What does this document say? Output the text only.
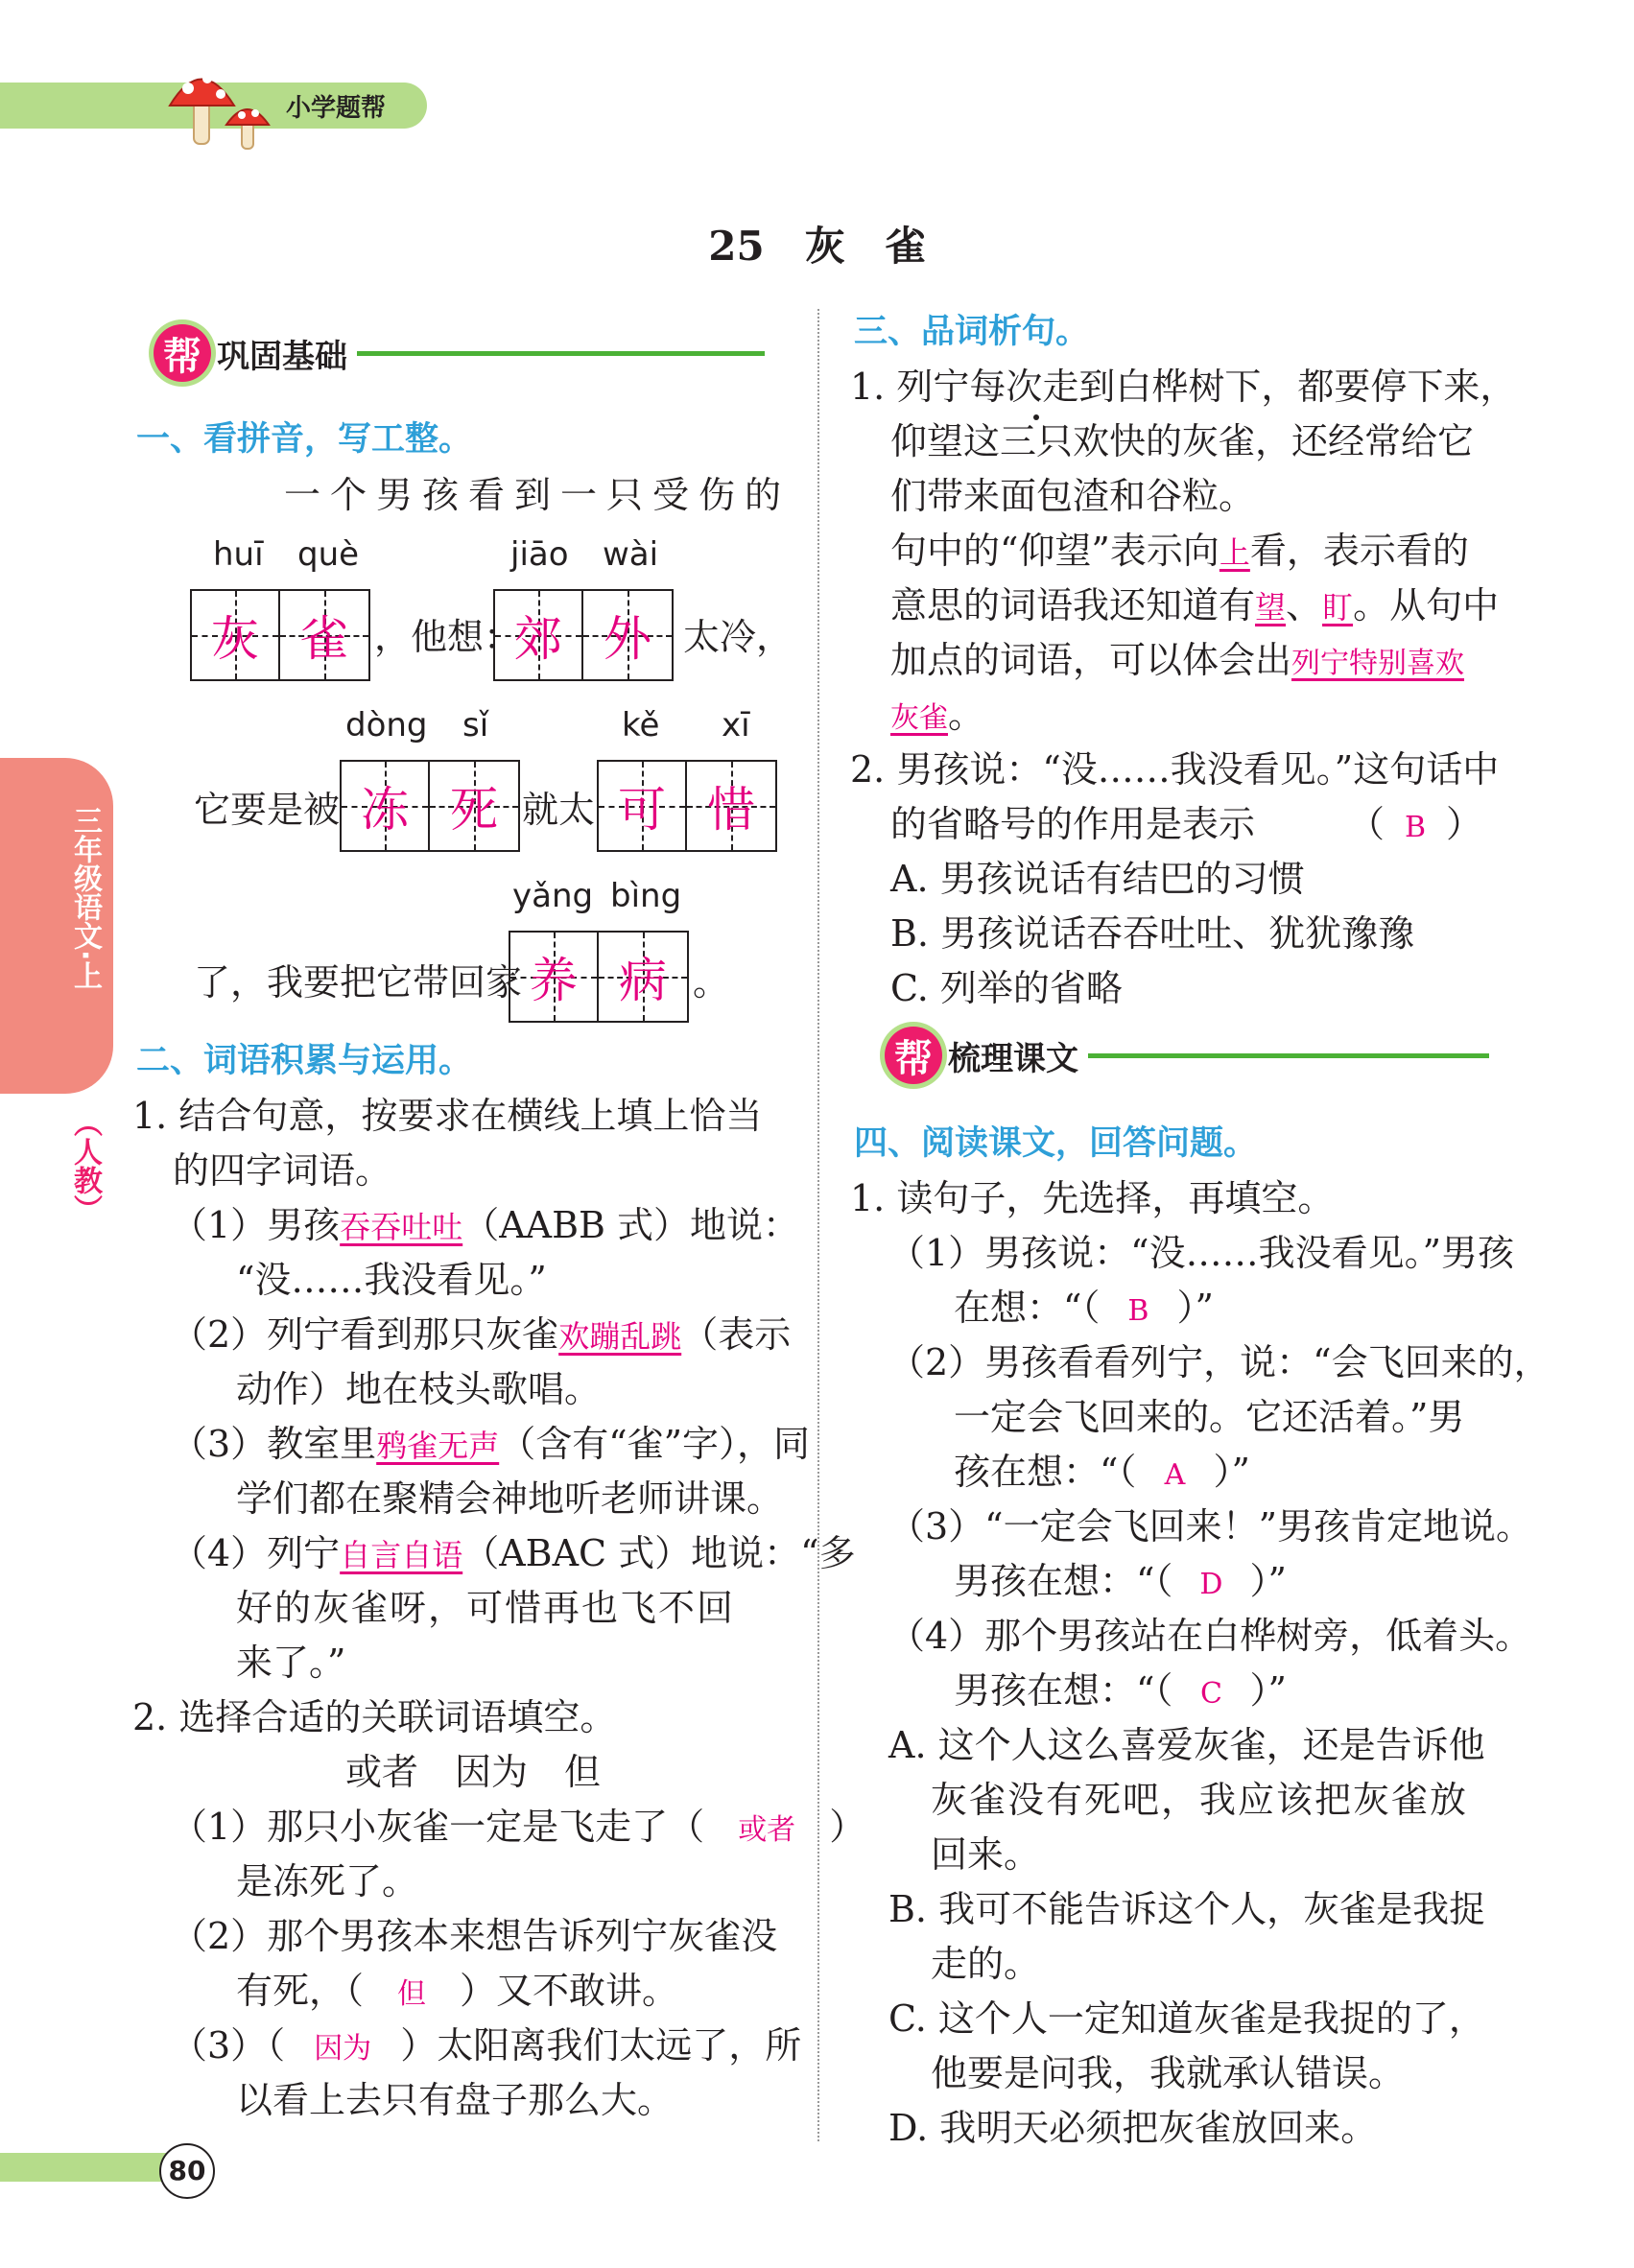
小学题帮
25　灰　雀
三年级语文·上
（人教）
帮 巩固基础
一、看拼音，写工整。
一个男孩看到一只受伤的
huī què	jiāo wài
灰 雀 ，他想：
郊 外 太冷，
dòng sǐ	kě xī
它要是被 冻 死 就太 可 惜
yǎng bìng
了，我要把它带回家 养 病 。
二、词语积累与运用。
1. 结合句意，按要求在横线上填上恰当
的四字词语。
（1）男孩吞吞吐吐（AABB 式）地说：
“没……我没看见。”
（2）列宁看到那只灰雀欢蹦乱跳（表示
动作）地在枝头歌唱。
（3）教室里鸦雀无声（含有“雀”字），同
学们都在聚精会神地听老师讲课。
（4）列宁自言自语（ABAC 式）地说：“多
好的灰雀呀，可惜再也飞不回
来了。”
2. 选择合适的关联词语填空。
或者　因为　但
（1）那只小灰雀一定是飞走了（ 或者 ）
是冻死了。
（2）那个男孩本来想告诉列宁灰雀没
有死，（ 但 ）又不敢讲。
（3）（ 因为 ）太阳离我们太远了，所
以看上去只有盘子那么大。
三、品词析句。
1. 列宁每次走到白桦树下，都要停下来，
仰望这三只欢快的灰雀，还经常给它
们带来面包渣和谷粒。
句中的“仰望”表示向上看，表示看的
意思的词语我还知道有望、盯。从句中
加点的词语，可以体会出列宁特别喜欢
灰雀。
2. 男孩说：“没……我没看见。”这句话中
的省略号的作用是表示	（ B ）
A. 男孩说话有结巴的习惯
B. 男孩说话吞吞吐吐、犹犹豫豫
C. 列举的省略
帮 梳理课文
四、阅读课文，回答问题。
1. 读句子，先选择，再填空。
（1）男孩说：“没……我没看见。”男孩
在想：“（ B ）”
（2）男孩看看列宁，说：“会飞回来的，
一定会飞回来的。它还活着。”男
孩在想：“（ A ）”
（3）“一定会飞回来！”男孩肯定地说。
男孩在想：“（ D ）”
（4）那个男孩站在白桦树旁，低着头。
男孩在想：“（ C ）”
A. 这个人这么喜爱灰雀，还是告诉他
灰雀没有死吧，我应该把灰雀放
回来。
B. 我可不能告诉这个人，灰雀是我捉
走的。
C. 这个人一定知道灰雀是我捉的了，
他要是问我，我就承认错误。
D. 我明天必须把灰雀放回来。
80
